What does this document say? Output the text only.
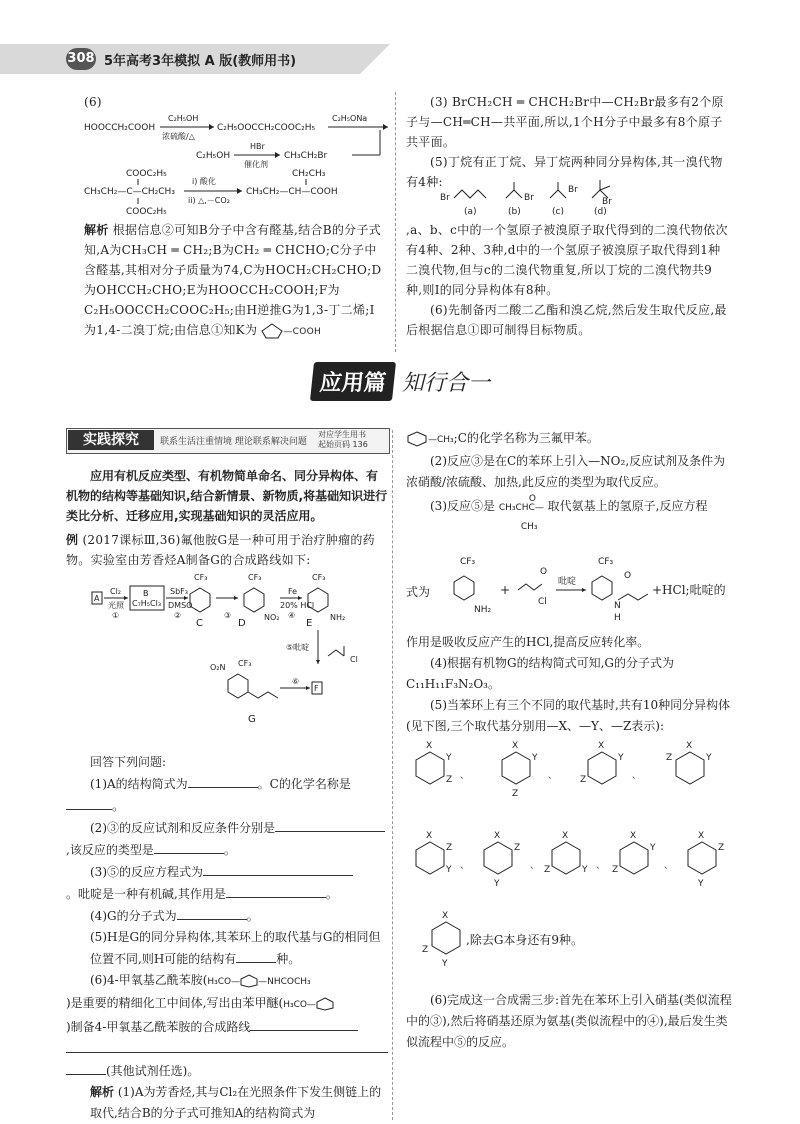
308 5年高考3年模拟 A 版(教师用书)
(6)
HOOCCH₂COOH
C₂H₅OH
浓硫酸/△
C₂H₅OOCCH₂COOC₂H₅
C₂H₅ONa
C₂H₅OH
HBr
催化剂
CH₃CH₂Br
COOC₂H₅
CH₃CH₂—C—CH₂CH₃
COOC₂H₅
i) 酸化
ii) △,－CO₂
CH₂CH₃
CH₃CH₂—CH—COOH
解析 根据信息②可知B分子中含有醛基,结合B的分子式知,A为CH₃CH ═ CH₂;B为CH₂ ═ CHCHO;C分子中含醛基,其相对分子质量为74,C为HOCH₂CH₂CHO;D为OHCCH₂CHO;E为HOOCCH₂COOH;F为C₂H₅OOCCH₂COOC₂H₅;由H逆推G为1,3-丁二烯;I为1,4-二溴丁烷;由信息①知K为	—COOH

(3) BrCH₂CH ═ CHCH₂Br中—CH₂Br最多有2个原子与—CH═CH—共平面,所以,1个H分子中最多有8个原子共平面。

(5)丁烷有正丁烷、异丁烷两种同分异构体,其一溴代物有4种:

Br	Br
Br
Br
(a)	(b)	(c)	(d)

,a、b、c中的一个氢原子被溴原子取代得到的二溴代物依次有4种、2种、3种,d中的一个氢原子被溴原子取代得到1种二溴代物,但与c的二溴代物重复,所以丁烷的二溴代物共9种,则I的同分异构体有8种。

(6)先制备丙二酸二乙酯和溴乙烷,然后发生取代反应,最后根据信息①即可制得目标物质。

应用篇 知行合一
实践探究	联系生活注重情境 理论联系解决问题
对应学生用书
起始页码 136
应用有机反应类型、有机物简单命名、同分异构体、有机物的结构等基础知识,结合新情景、新物质,将基础知识进行类比分析、迁移应用,实现基础知识的灵活应用。
例 (2017课标Ⅲ,36)氟他胺G是一种可用于治疗肿瘤的药物。实验室由芳香烃A制备G的合成路线如下:
A
Cl₂
光照
①
B
C₇H₅Cl₃
SbF₃
DMSO
②
CF₃
C
③
CF₃
NO₂
D
Fe
20% HCl
④
CF₃
NH₂
E
⑤吡啶
Cl
CF₃
O₂N
⑥
F
G

回答下列问题:

(1)A的结构简式为	。C的化学名称是

。

(2)③的反应试剂和反应条件分别是

,该反应的类型是	。

(3)⑤的反应方程式为

。吡啶是一种有机碱,其作用是	。

(4)G的分子式为	。

(5)H是G的同分异构体,其苯环上的取代基与G的相同但位置不同,则H可能的结构有	种。

(6)4-甲氧基乙酰苯胺(H₃CO— —NHCOCH₃

)是重要的精细化工中间体,写出由苯甲醚(H₃CO—

)制备4-甲氧基乙酰苯胺的合成路线

(其他试剂任选)。

解析 (1)A为芳香烃,其与Cl₂在光照条件下发生侧链上的取代,结合B的分子式可推知A的结构简式为

—CH₃;C的化学名称为三氟甲苯。

(2)反应③是在C的苯环上引入—NO₂,反应试剂及条件为浓硝酸/浓硫酸、加热,此反应的类型为取代反应。

(3)反应⑤是	O
CH₃CHC—
CH₃
取代氨基上的氢原子,反应方程
式为
CF₃
NH₂
+
O
Cl
吡啶
CF₃
N
H
O
+HCl;吡啶的

作用是吸收反应产生的HCl,提高反应转化率。

(4)根据有机物G的结构简式可知,G的分子式为C₁₁H₁₁F₃N₂O₃。

(5)当苯环上有三个不同的取代基时,共有10种同分异构体(见下图,三个取代基分别用—X、—Y、—Z表示):

X
Y
Z 、
X
Y
Z
、
X
Y
Z	、
X
Z	Y
X
Z
Y 、
X
Z
Y
、
X
Z	Y 、
X
Y
Z	、
X
Z
Y
X
Z
Y
,除去G本身还有9种。

(6)完成这一合成需三步:首先在苯环上引入硝基(类似流程中的③),然后将硝基还原为氨基(类似流程中的④),最后发生类似流程中⑤的反应。
